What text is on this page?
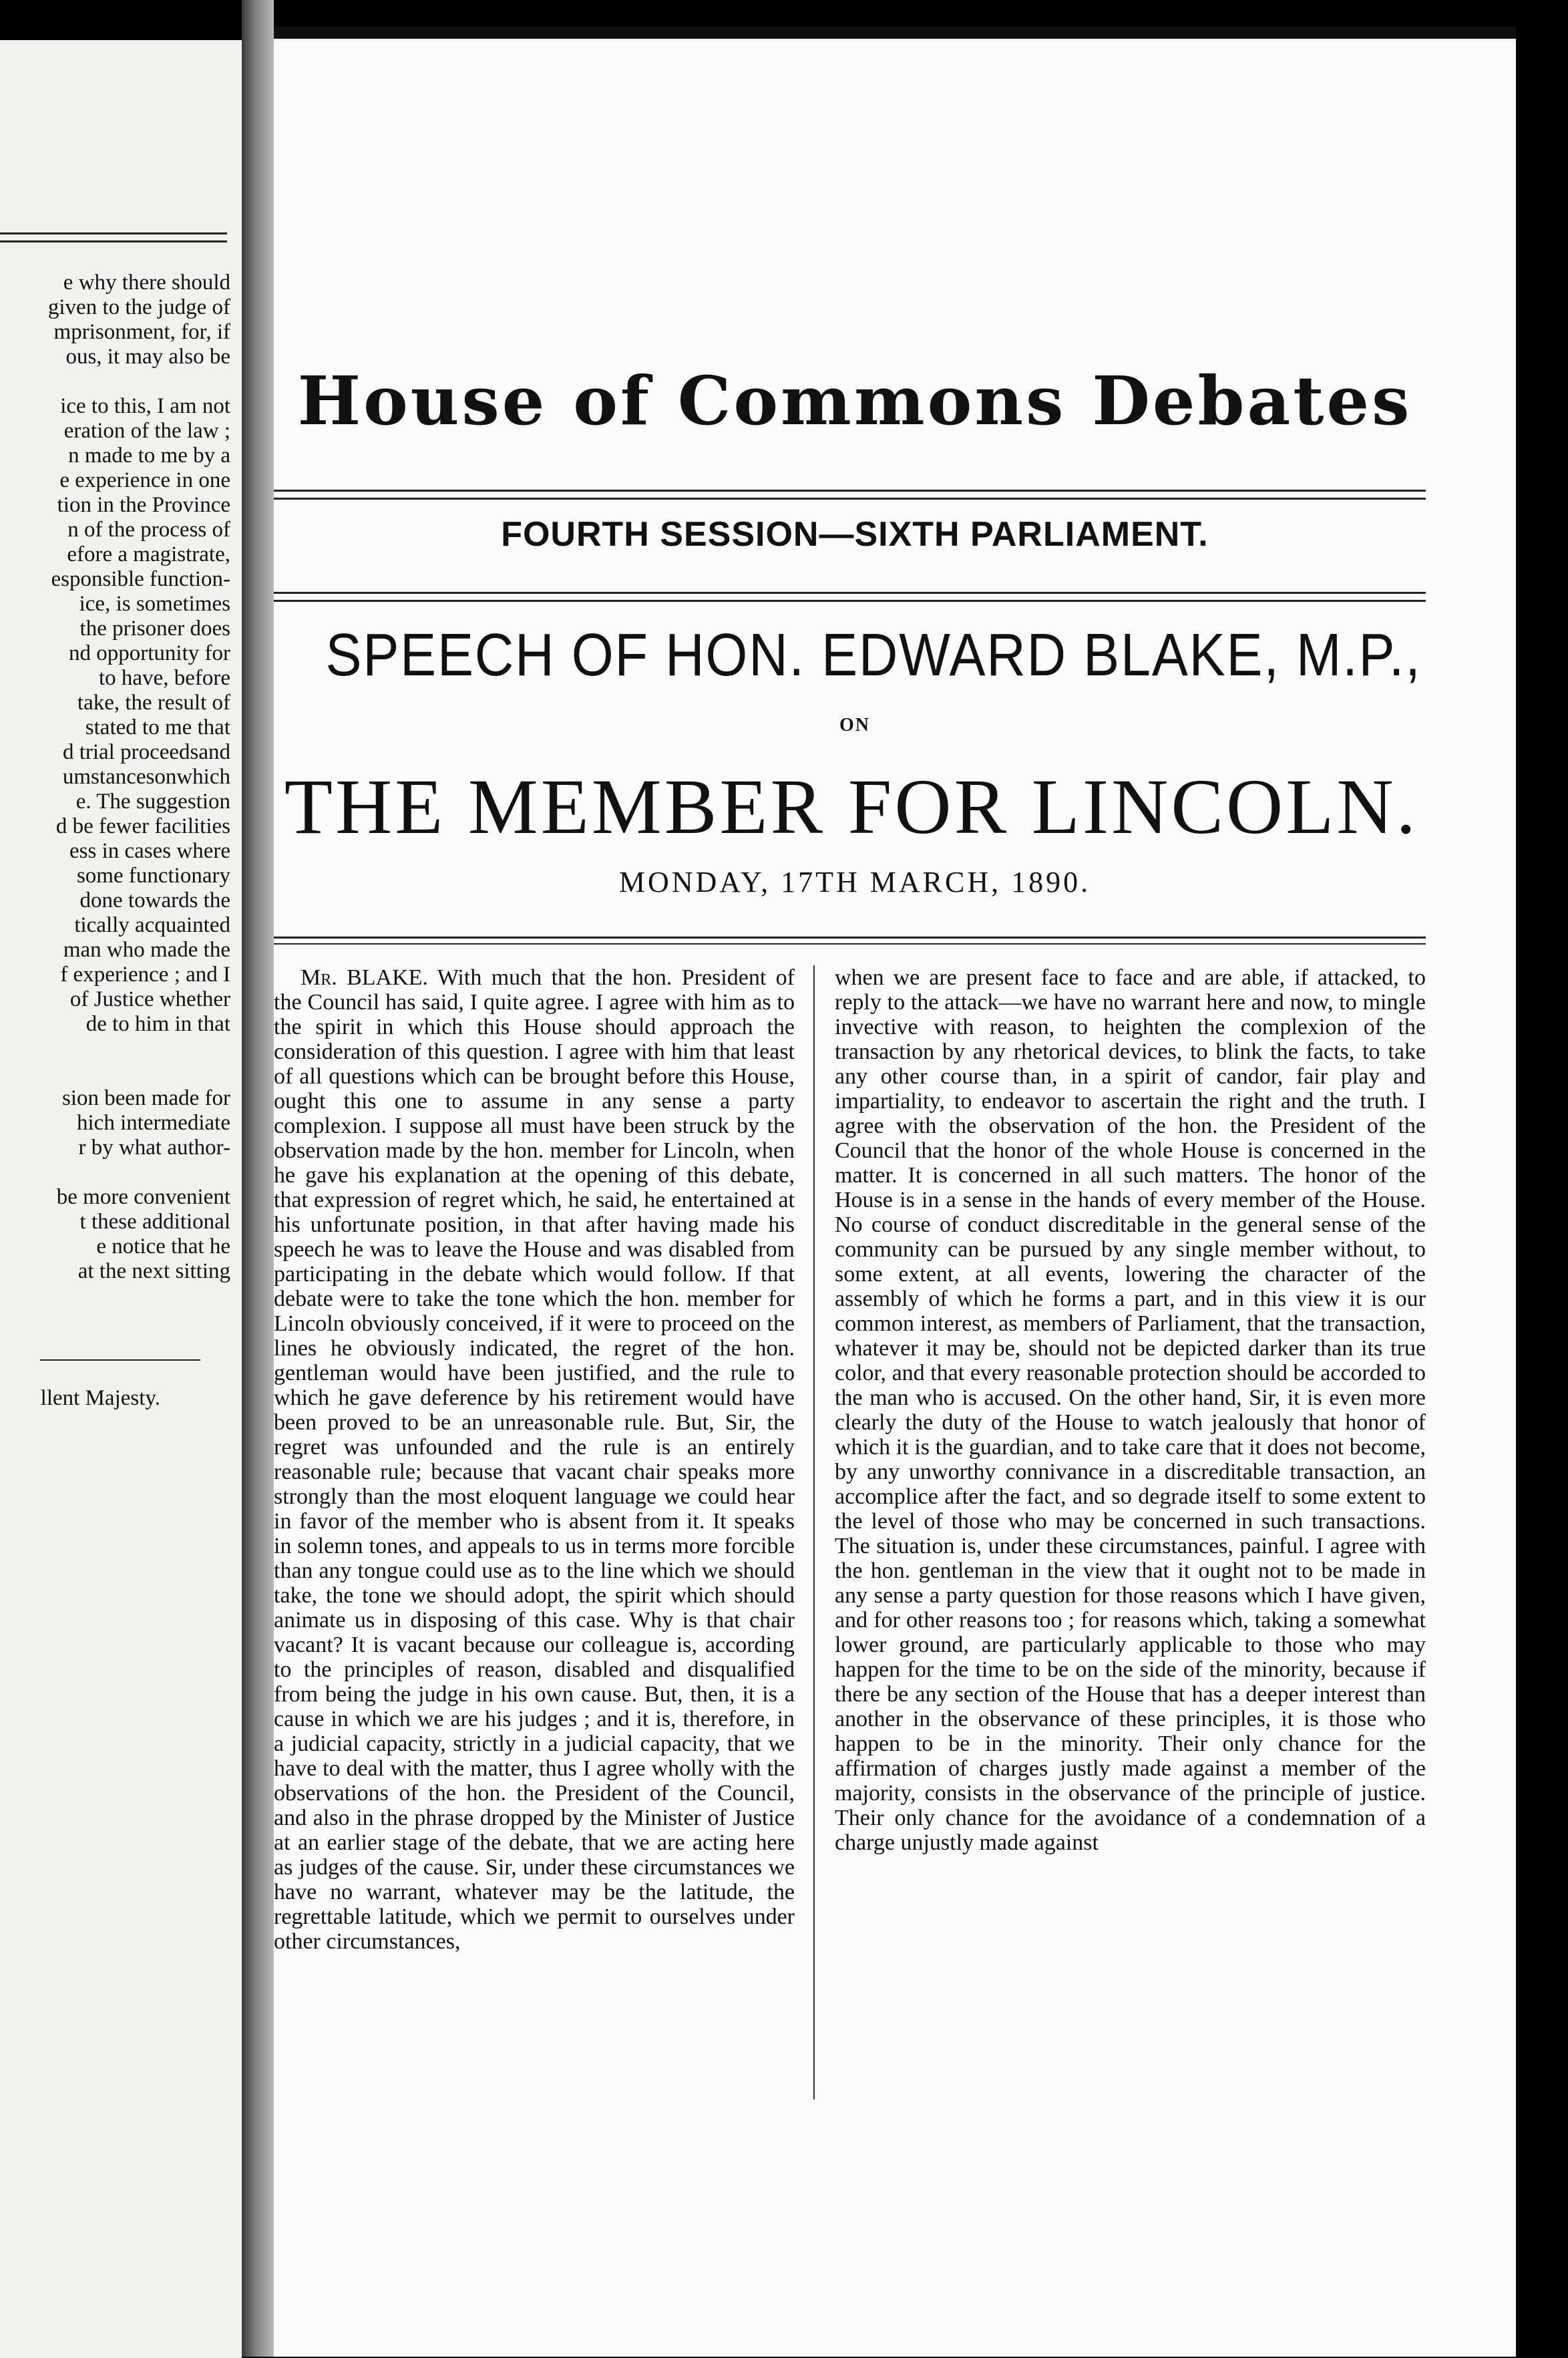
e why there should
given to the judge of
mprisonment, for, if
ous, it may also be
ice to this, I am not
eration of the law ;
n made to me by a
e experience in one
tion in the Province
n of the process of
efore a magistrate,
esponsible function-
ice, is sometimes
the prisoner does
nd opportunity for
to have, before
take, the result of
stated to me that
d trial proceedsand
umstancesonwhich
e. The suggestion
d be fewer facilities
ess in cases where
some functionary
done towards the
tically acquainted
man who made the
f experience ; and I
of Justice whether
de to him in that
sion been made for
hich intermediate
r by what author-
be more convenient
t these additional
e notice that he
at the next sitting
llent Majesty.
House of Commons Debates
FOURTH SESSION—SIXTH PARLIAMENT.
SPEECH OF HON. EDWARD BLAKE, M.P.,
ON
THE MEMBER FOR LINCOLN.
MONDAY, 17TH MARCH, 1890.

Mr. BLAKE. With much that the hon. President of the Council has said, I quite agree. I agree with him as to the spirit in which this House should approach the consideration of this question. I agree with him that least of all questions which can be brought before this House, ought this one to assume in any sense a party complexion. I suppose all must have been struck by the observation made by the hon. member for Lincoln, when he gave his explanation at the opening of this debate, that expression of regret which, he said, he entertained at his unfortunate position, in that after having made his speech he was to leave the House and was disabled from participating in the debate which would follow. If that debate were to take the tone which the hon. member for Lincoln obviously conceived, if it were to proceed on the lines he obviously indicated, the regret of the hon. gentleman would have been justified, and the rule to which he gave deference by his retirement would have been proved to be an unreasonable rule. But, Sir, the regret was unfounded and the rule is an entirely reasonable rule; because that vacant chair speaks more strongly than the most eloquent language we could hear in favor of the member who is absent from it. It speaks in solemn tones, and appeals to us in terms more forcible than any tongue could use as to the line which we should take, the tone we should adopt, the spirit which should animate us in disposing of this case. Why is that chair vacant? It is vacant because our colleague is, according to the principles of reason, disabled and disqualified from being the judge in his own cause. But, then, it is a cause in which we are his judges ; and it is, therefore, in a judicial capacity, strictly in a judicial capacity, that we have to deal with the matter, thus I agree wholly with the observations of the hon. the President of the Council, and also in the phrase dropped by the Minister of Justice at an earlier stage of the debate, that we are acting here as judges of the cause. Sir, under these circumstances we have no warrant, whatever may be the latitude, the regrettable latitude, which we permit to ourselves under other circumstances,

when we are present face to face and are able, if attacked, to reply to the attack—we have no warrant here and now, to mingle invective with reason, to heighten the complexion of the transaction by any rhetorical devices, to blink the facts, to take any other course than, in a spirit of candor, fair play and impartiality, to endeavor to ascertain the right and the truth. I agree with the observation of the hon. the President of the Council that the honor of the whole House is concerned in the matter. It is concerned in all such matters. The honor of the House is in a sense in the hands of every member of the House. No course of conduct discreditable in the general sense of the community can be pursued by any single member without, to some extent, at all events, lowering the character of the assembly of which he forms a part, and in this view it is our common interest, as members of Parliament, that the transaction, whatever it may be, should not be depicted darker than its true color, and that every reasonable protection should be accorded to the man who is accused. On the other hand, Sir, it is even more clearly the duty of the House to watch jealously that honor of which it is the guardian, and to take care that it does not become, by any unworthy connivance in a discreditable transaction, an accomplice after the fact, and so degrade itself to some extent to the level of those who may be concerned in such transactions. The situation is, under these circumstances, painful. I agree with the hon. gentleman in the view that it ought not to be made in any sense a party question for those reasons which I have given, and for other reasons too ; for reasons which, taking a somewhat lower ground, are particularly applicable to those who may happen for the time to be on the side of the minority, because if there be any section of the House that has a deeper interest than another in the observance of these principles, it is those who happen to be in the minority. Their only chance for the affirmation of charges justly made against a member of the majority, consists in the observance of the principle of justice. Their only chance for the avoidance of a condemnation of a charge unjustly made against
